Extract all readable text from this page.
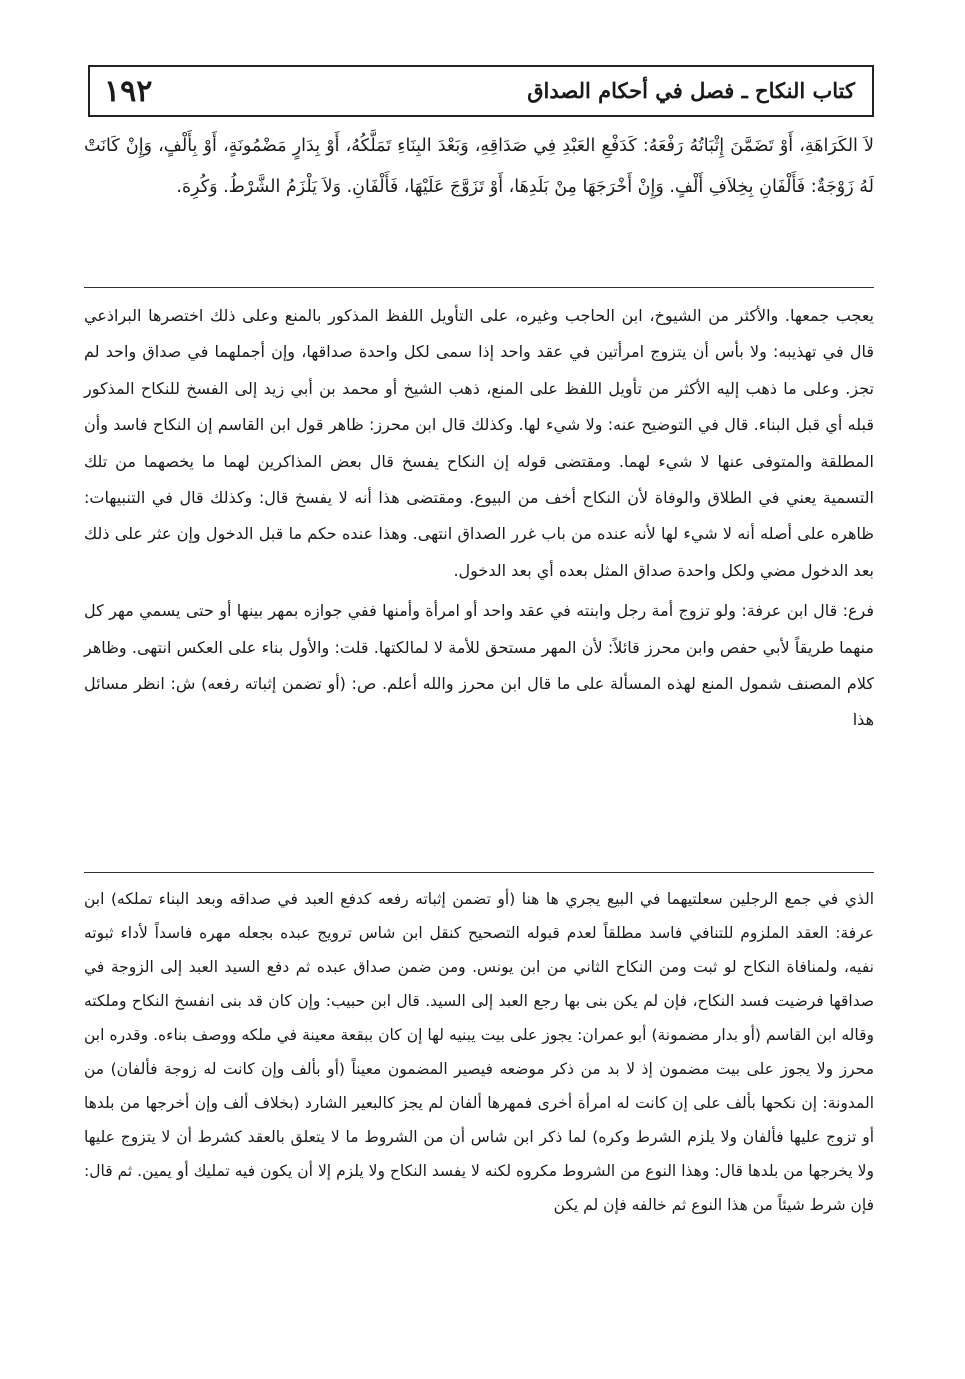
١٩٢	كتاب النكاح ـ فصل في أحكام الصداق

لاَ الكَرَاهَةِ، أَوْ تَضَمَّنَ إِثْبَاتُهُ رَفْعَهُ: كَدَفْعِ العَبْدِ فِي صَدَاقِهِ، وَبَعْدَ البِنَاءِ تَمَلَّكُهُ، أَوْ بِدَارٍ مَضْمُونَةٍ، أَوْ بِأَلْفٍ، وَإِنْ كَانَتْ لَهُ زَوْجَةٌ: فَأَلْفَانِ بِخِلاَفِ أَلْفٍ. وَإِنْ أَخْرَجَهَا مِنْ بَلَدِهَا، أَوْ تَزَوَّجَ عَلَيْهَا، فَأَلْفَانِ. وَلاَ يَلْزَمُ الشَّرْطُ. وَكُرِهَ.

يعجب جمعها. والأكثر من الشيوخ، ابن الحاجب وغيره، على التأويل اللفظ المذكور بالمنع وعلى ذلك اختصرها البراذعي قال في تهذيبه: ولا بأس أن يتزوج امرأتين في عقد واحد إذا سمى لكل واحدة صداقها، وإن أجملهما في صداق واحد لم تجز. وعلى ما ذهب إليه الأكثر من تأويل اللفظ على المنع، ذهب الشيخ أو محمد بن أبي زيد إلى الفسخ للنكاح المذكور قبله أي قبل البناء. قال في التوضيح عنه: ولا شيء لها. وكذلك قال ابن محرز: ظاهر قول ابن القاسم إن النكاح فاسد وأن المطلقة والمتوفى عنها لا شيء لهما. ومقتضى قوله إن النكاح يفسخ قال بعض المذاكرين لهما ما يخصهما من تلك التسمية يعني في الطلاق والوفاة لأن النكاح أخف من البيوع. ومقتضى هذا أنه لا يفسخ قال: وكذلك قال في التنبيهات: ظاهره على أصله أنه لا شيء لها لأنه عنده من باب غرر الصداق انتهى. وهذا عنده حكم ما قبل الدخول وإن عثر على ذلك بعد الدخول مضي ولكل واحدة صداق المثل بعده أي بعد الدخول.

فرع: قال ابن عرفة: ولو تزوج أمة رجل وابنته في عقد واحد أو امرأة وأمنها ففي جوازه بمهر بينها أو حتى يسمي مهر كل منهما طريقاً لأبي حفص وابن محرز قائلاً: لأن المهر مستحق للأمة لا لمالكتها. قلت: والأول بناء على العكس انتهى. وظاهر كلام المصنف شمول المنع لهذه المسألة على ما قال ابن محرز والله أعلم. ص: (أو تضمن إثباته رفعه) ش: انظر مسائل هذا

الذي في جمع الرجلين سعلتيهما في البيع يجري ها هنا (أو تضمن إثباته رفعه كدفع العبد في صداقه وبعد البناء تملكه) ابن عرفة: العقد الملزوم للتنافي فاسد مطلقاً لعدم قبوله التصحيح كنقل ابن شاس ترويج عبده بجعله مهره فاسداً لأداء ثبوته نفيه، ولمنافاة النكاح لو ثبت ومن النكاح الثاني من ابن يونس. ومن ضمن صداق عبده ثم دفع السيد العبد إلى الزوجة في صداقها فرضيت فسد النكاح، فإن لم يكن بنى بها رجع العبد إلى السيد. قال ابن حبيب: وإن كان قد بنى انفسخ النكاح وملكته وقاله ابن القاسم (أو بدار مضمونة) أبو عمران: يجوز على بيت يبنيه لها إن كان ببقعة معينة في ملكه ووصف بناءه. وقدره ابن محرز ولا يجوز على بيت مضمون إذ لا بد من ذكر موضعه فيصير المضمون معيناً (أو بألف وإن كانت له زوجة فألفان) من المدونة: إن نكحها بألف على إن كانت له امرأة أخرى فمهرها ألفان لم يجز كالبعير الشارد (بخلاف ألف وإن أخرجها من بلدها أو تزوج عليها فألفان ولا يلزم الشرط وكره) لما ذكر ابن شاس أن من الشروط ما لا يتعلق بالعقد كشرط أن لا يتزوج عليها ولا يخرجها من بلدها قال: وهذا النوع من الشروط مكروه لكنه لا يفسد النكاح ولا يلزم إلا أن يكون فيه تمليك أو يمين. ثم قال: فإن شرط شيئاً من هذا النوع ثم خالفه فإن لم يكن
